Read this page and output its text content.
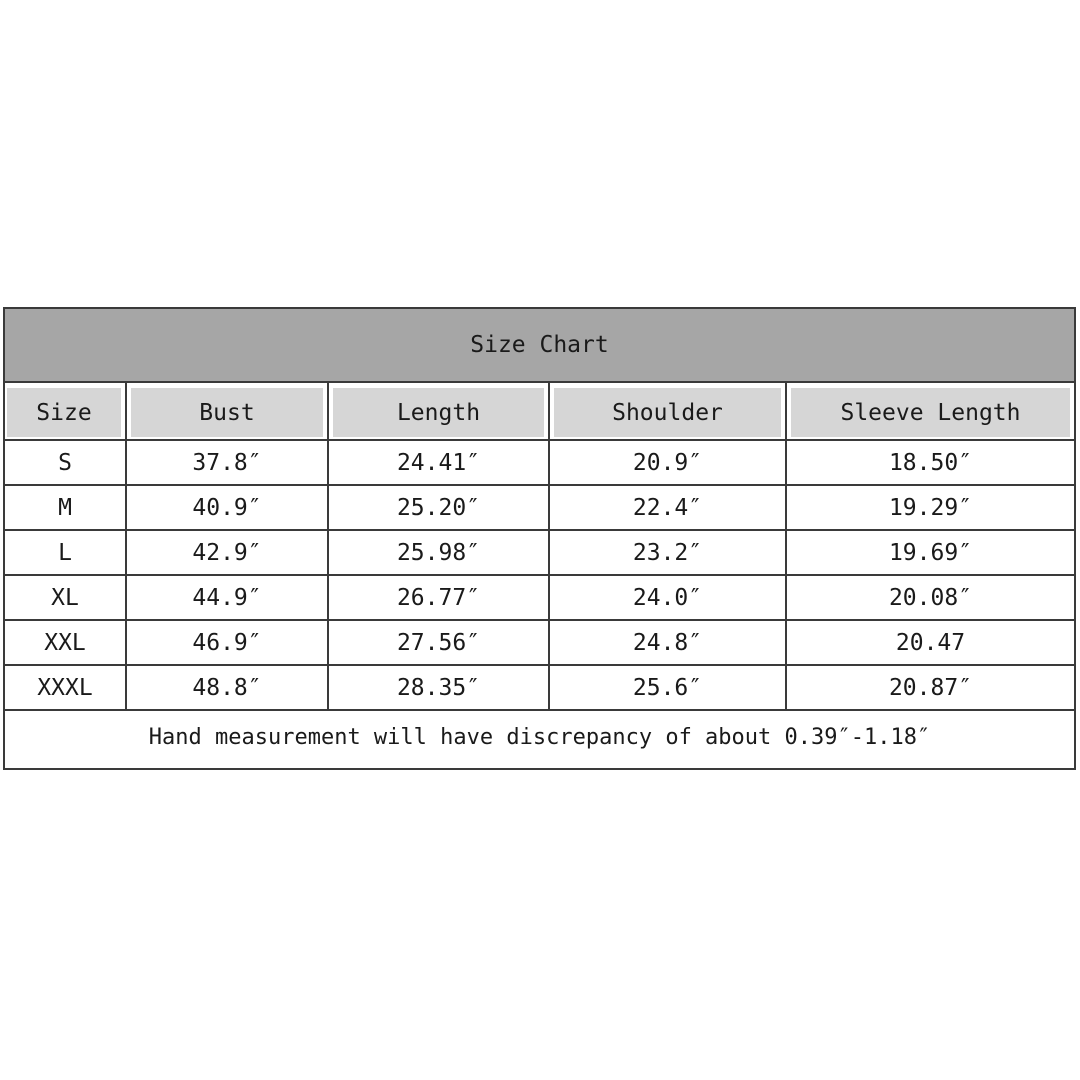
Size Chart
Size	Bust	Length	Shoulder	Sleeve Length
S	37.8″	24.41″	20.9″	18.50″
M	40.9″	25.20″	22.4″	19.29″
L	42.9″	25.98″	23.2″	19.69″
XL	44.9″	26.77″	24.0″	20.08″
XXL	46.9″	27.56″	24.8″	20.47
XXXL	48.8″	28.35″	25.6″	20.87″
Hand measurement will have discrepancy of about 0.39″-1.18″
